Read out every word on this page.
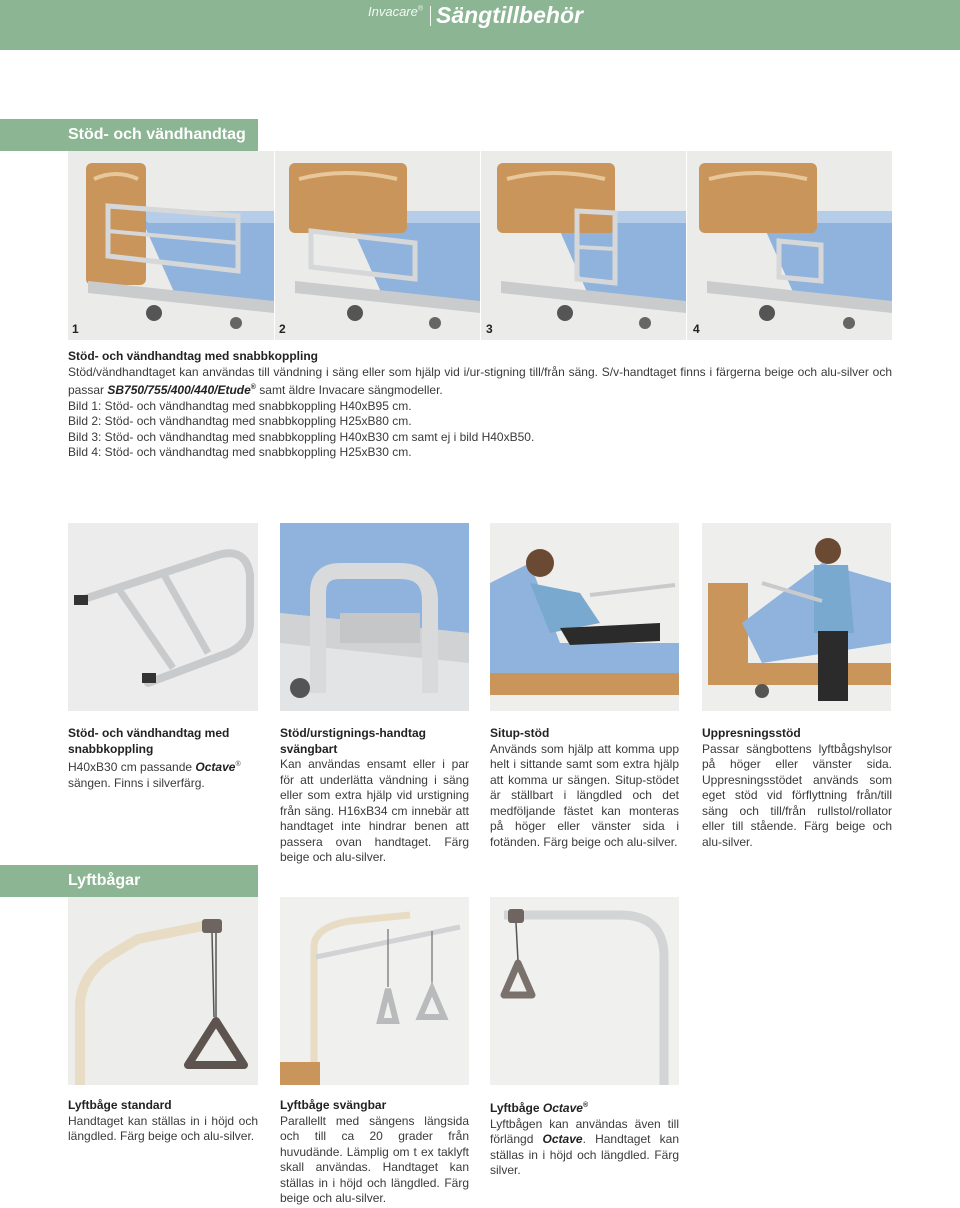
Invacare® Sängtillbehör
Stöd- och vändhandtag
1	2	3	4
Stöd- och vändhandtag med snabbkoppling
Stöd/vändhandtaget kan användas till vändning i säng eller som hjälp vid i/ur-stigning till/från säng. S/v-handtaget finns i färgerna beige och alu-silver och passar SB750/755/400/440/Etude® samt äldre Invacare sängmodeller.
Bild 1: Stöd- och vändhandtag med snabbkoppling H40xB95 cm.
Bild 2: Stöd- och vändhandtag med snabbkoppling H25xB80 cm.
Bild 3: Stöd- och vändhandtag med snabbkoppling H40xB30 cm samt ej i bild H40xB50.
Bild 4: Stöd- och vändhandtag med snabbkoppling H25xB30 cm.
Stöd- och vändhandtag med snabbkoppling
H40xB30 cm passande Octave® sängen. Finns i silverfärg.
Stöd/urstignings-handtag svängbart
Kan användas ensamt eller i par för att underlätta vändning i säng eller som extra hjälp vid urstigning från säng. H16xB34 cm innebär att handtaget inte hindrar benen att passera ovan handtaget. Färg beige och alu-silver.
Situp-stöd
Används som hjälp att komma upp helt i sittande samt som extra hjälp att komma ur sängen. Situp-stödet är ställbart i längdled och det medföljande fästet kan monteras på höger eller vänster sida i fotänden. Färg beige och alu-silver.
Uppresningsstöd
Passar sängbottens lyftbågshylsor på höger eller vänster sida. Uppresningsstödet används som eget stöd vid förflyttning från/till säng och till/från rullstol/rollator eller till stående. Färg beige och alu-silver.
Lyftbågar
Lyftbåge standard
Handtaget kan ställas in i höjd och längdled. Färg beige och alu-silver.
Lyftbåge svängbar
Parallellt med sängens längsida och till ca 20 grader från huvudände. Lämplig om t ex taklyft skall användas. Handtaget kan ställas in i höjd och längdled. Färg beige och alu-silver.
Lyftbåge Octave®
Lyftbågen kan användas även till förlängd Octave. Handtaget kan ställas in i höjd och längdled. Färg silver.
